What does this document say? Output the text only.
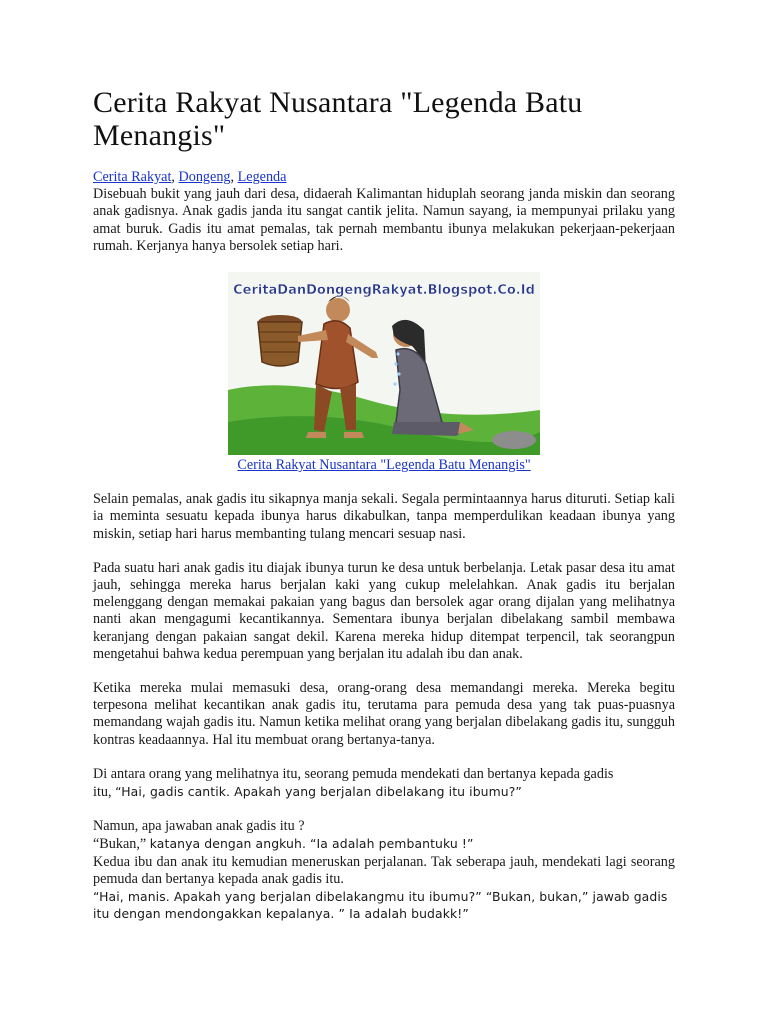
Cerita Rakyat Nusantara "Legenda Batu Menangis"
Cerita Rakyat, Dongeng, Legenda

Disebuah bukit yang jauh dari desa, didaerah Kalimantan hiduplah seorang janda miskin dan seorang anak gadisnya. Anak gadis janda itu sangat cantik jelita. Namun sayang, ia mempunyai prilaku yang amat buruk. Gadis itu amat pemalas, tak pernah membantu ibunya melakukan pekerjaan-pekerjaan rumah. Kerjanya hanya bersolek setiap hari.

CeritaDanDongengRakyat.Blogspot.Co.Id
Cerita Rakyat Nusantara "Legenda Batu Menangis"

Selain pemalas, anak gadis itu sikapnya manja sekali. Segala permintaannya harus dituruti. Setiap kali ia meminta sesuatu kepada ibunya harus dikabulkan, tanpa memperdulikan keadaan ibunya yang miskin, setiap hari harus membanting tulang mencari sesuap nasi.

Pada suatu hari anak gadis itu diajak ibunya turun ke desa untuk berbelanja. Letak pasar desa itu amat jauh, sehingga mereka harus berjalan kaki yang cukup melelahkan. Anak gadis itu berjalan melenggang dengan memakai pakaian yang bagus dan bersolek agar orang dijalan yang melihatnya nanti akan mengagumi kecantikannya. Sementara ibunya berjalan dibelakang sambil membawa keranjang dengan pakaian sangat dekil. Karena mereka hidup ditempat terpencil, tak seorangpun mengetahui bahwa kedua perempuan yang berjalan itu adalah ibu dan anak.

Ketika mereka mulai memasuki desa, orang-orang desa memandangi mereka. Mereka begitu terpesona melihat kecantikan anak gadis itu, terutama para pemuda desa yang tak puas-puasnya memandang wajah gadis itu. Namun ketika melihat orang yang berjalan dibelakang gadis itu, sungguh kontras keadaannya. Hal itu membuat orang bertanya-tanya.

Di antara orang yang melihatnya itu, seorang pemuda mendekati dan bertanya kepada gadis

itu, “Hai, gadis cantik. Apakah yang berjalan dibelakang itu ibumu?”
Namun, apa jawaban anak gadis itu ?
“Bukan,” katanya dengan angkuh. “Ia adalah pembantuku !”

Kedua ibu dan anak itu kemudian meneruskan perjalanan. Tak seberapa jauh, mendekati lagi seorang pemuda dan bertanya kepada anak gadis itu.

“Hai, manis. Apakah yang berjalan dibelakangmu itu ibumu?” “Bukan, bukan,” jawab gadis
itu dengan mendongakkan kepalanya. ” Ia adalah budakk!”
